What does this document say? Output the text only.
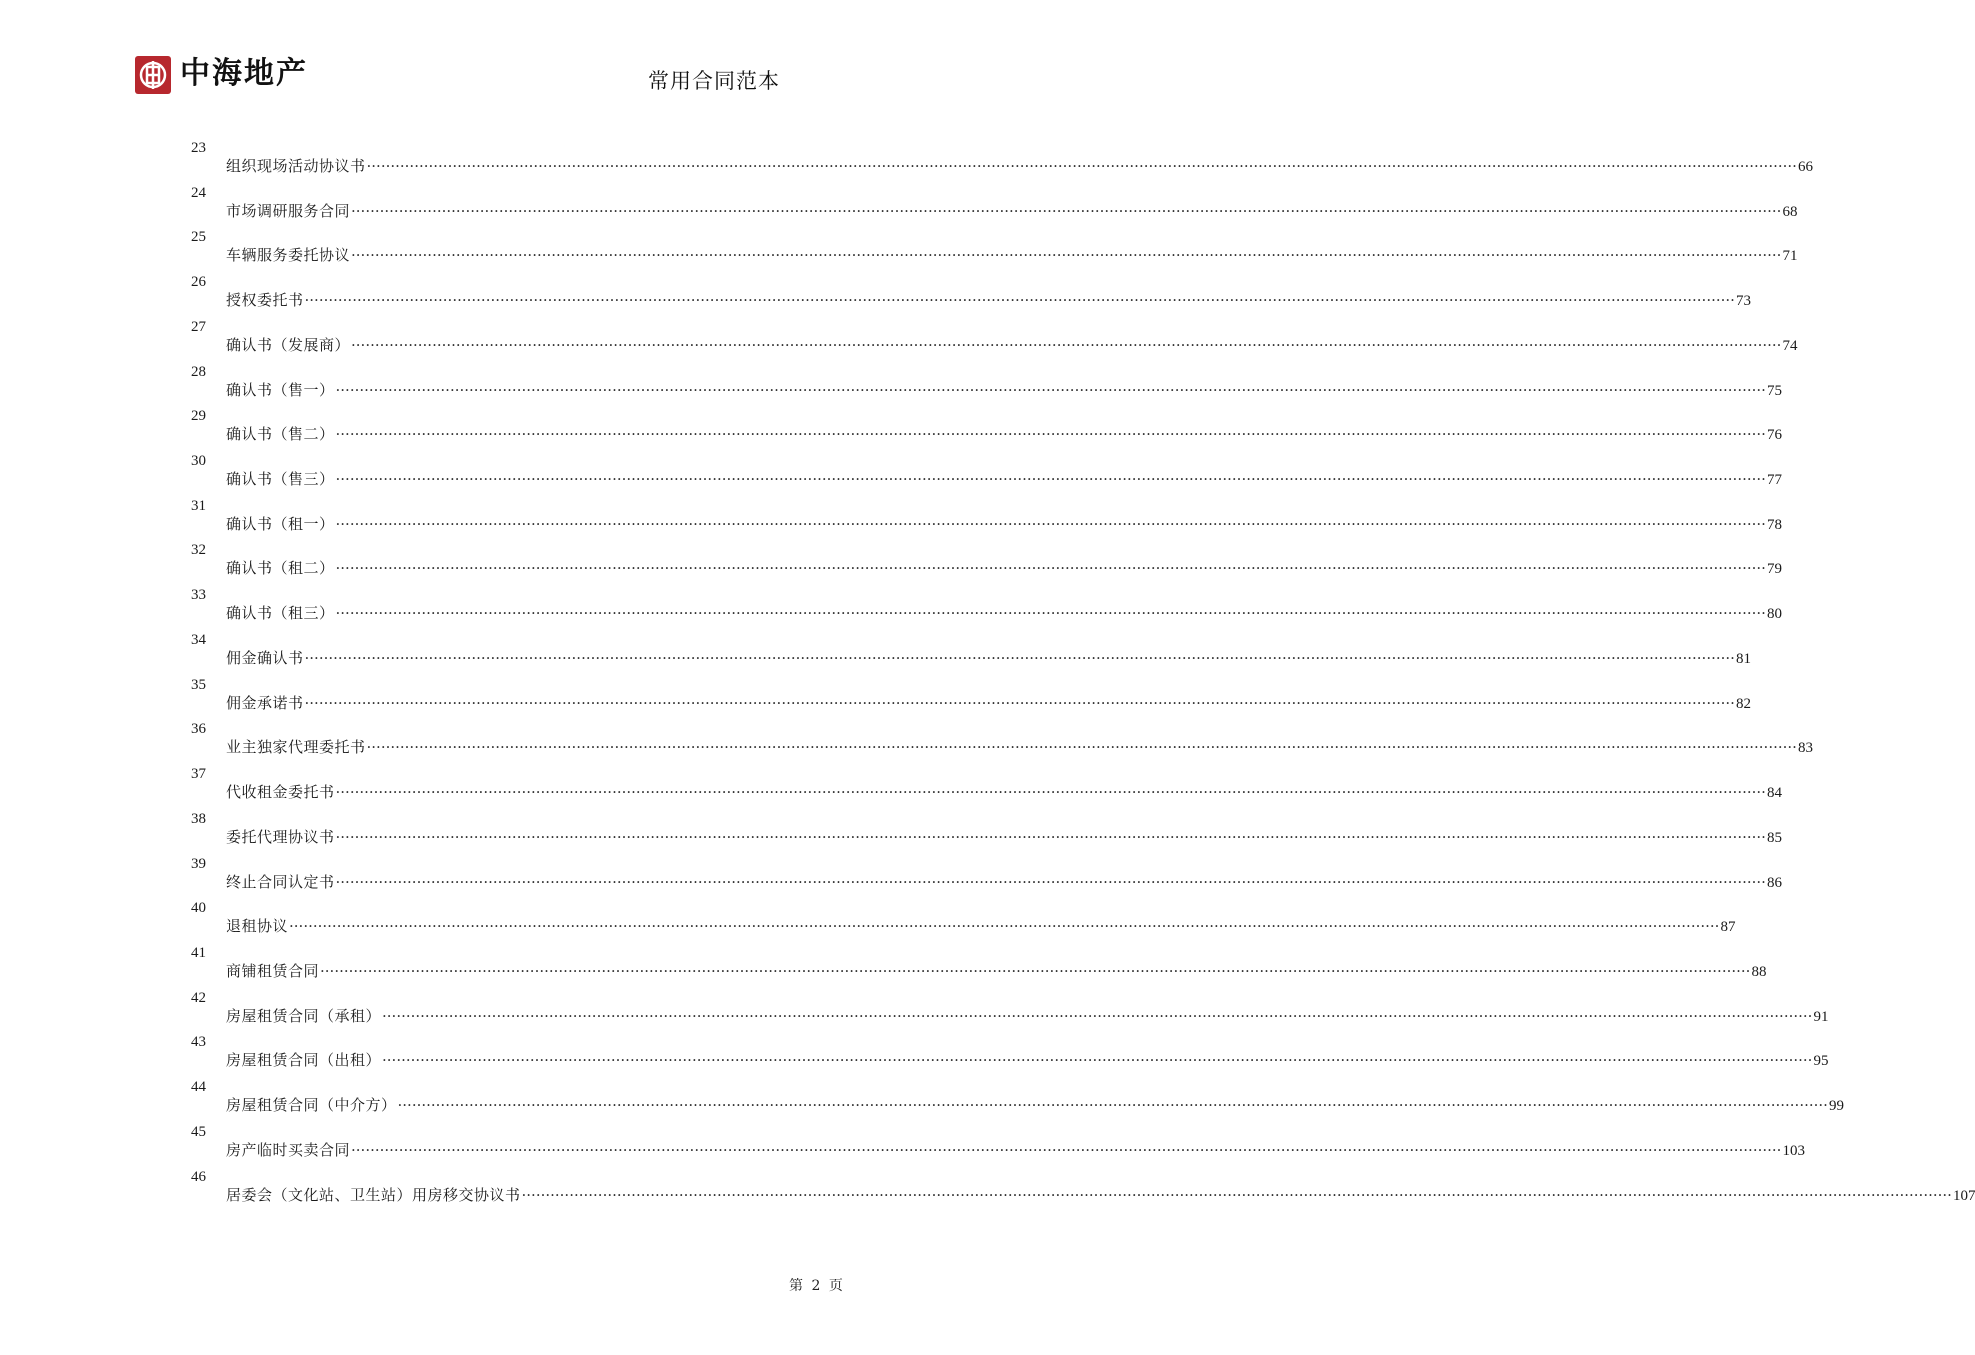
中海地产	常用合同范本
23
组织现场活动协议书 ············································································································································································································································································································ 66
24
市场调研服务合同 ············································································································································································································································································································ 68
25
车辆服务委托协议 ············································································································································································································································································································ 71
26
授权委托书 ············································································································································································································································································································ 73
27
确认书（发展商） ············································································································································································································································································································ 74
28
确认书（售一） ············································································································································································································································································································ 75
29
确认书（售二） ············································································································································································································································································································ 76
30
确认书（售三） ············································································································································································································································································································ 77
31
确认书（租一） ············································································································································································································································································································ 78
32
确认书（租二） ············································································································································································································································································································ 79
33
确认书（租三） ············································································································································································································································································································ 80
34
佣金确认书 ············································································································································································································································································································ 81
35
佣金承诺书 ············································································································································································································································································································ 82
36
业主独家代理委托书 ············································································································································································································································································································ 83
37
代收租金委托书 ············································································································································································································································································································ 84
38
委托代理协议书 ············································································································································································································································································································ 85
39
终止合同认定书 ············································································································································································································································································································ 86
40
退租协议 ············································································································································································································································································································ 87
41
商铺租赁合同 ············································································································································································································································································································ 88
42
房屋租赁合同（承租） ············································································································································································································································································································ 91
43
房屋租赁合同（出租） ············································································································································································································································································································ 95
44
房屋租赁合同（中介方） ············································································································································································································································································································ 99
45
房产临时买卖合同 ············································································································································································································································································································ 103
46
居委会（文化站、卫生站）用房移交协议书 ············································································································································································································································································································ 107
第 2 页
